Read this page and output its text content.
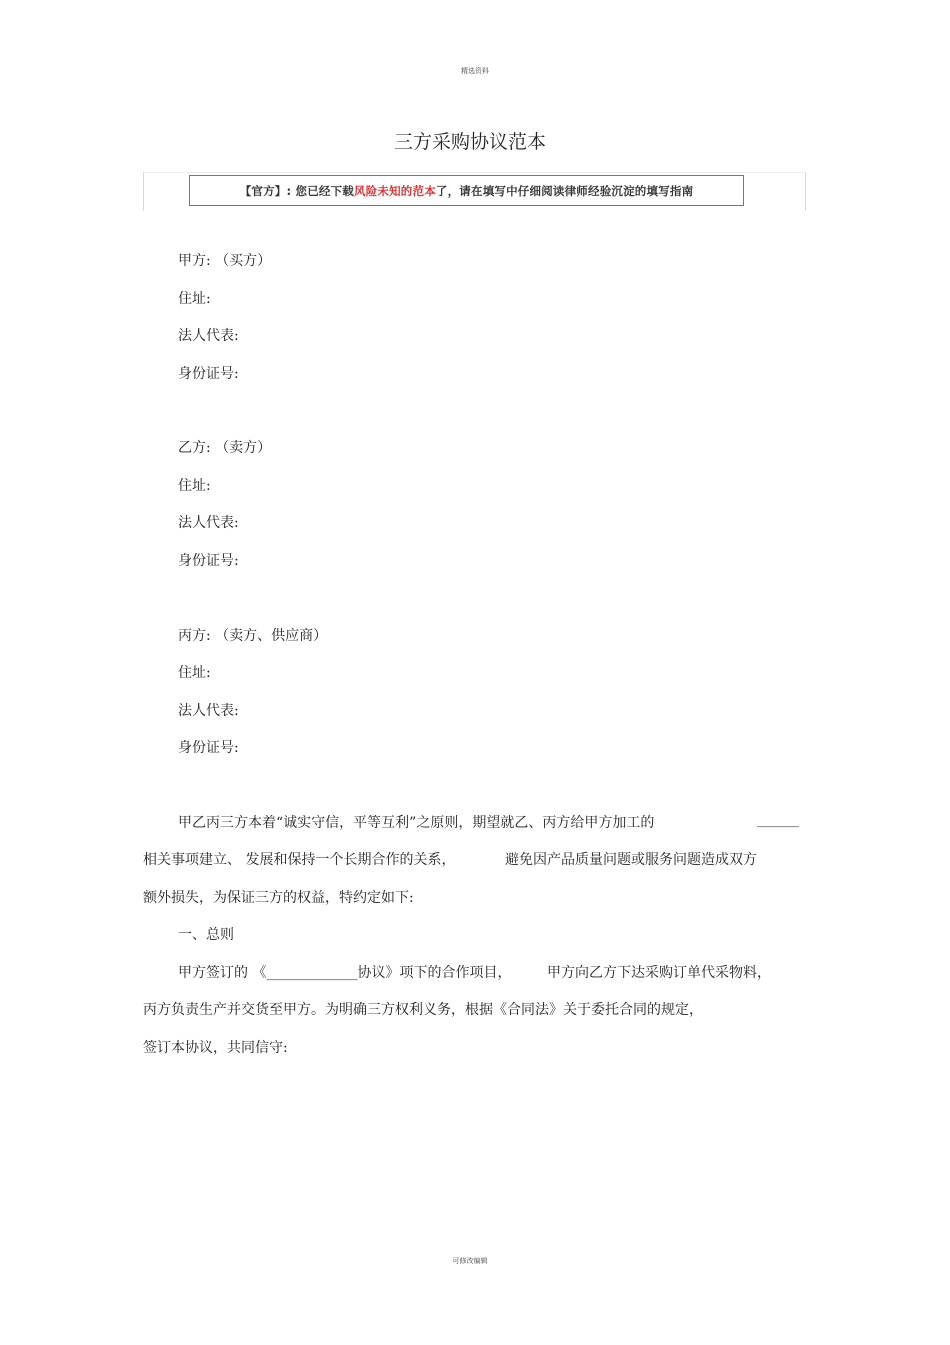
精选资料
三方采购协议范本
【官方】: 您已经下载 风险未知的范本 了，请在填写中仔细阅读律师经验沉淀的填写指南
甲方: （买方）
住址:
法人代表:
身份证号:
乙方: （卖方）
住址:
法人代表:
身份证号:
丙方: （卖方、供应商）
住址:
法人代表:
身份证号:
甲乙丙三方本着“诚实守信，平等互利”之原则，期望就乙、丙方给甲方加工的	______
相关事项建立、 发展和保持一个长期合作的关系，	避免因产品质量问题或服务问题造成双方
额外损失，为保证三方的权益，特约定如下:
一、总则
甲方签订的 《_____________协议》项下的合作项目，	甲方向乙方下达采购订单代采物料，
丙方负责生产并交货至甲方。为明确三方权利义务，根据《合同法》关于委托合同的规定，
签订本协议，共同信守:
可修改编辑
